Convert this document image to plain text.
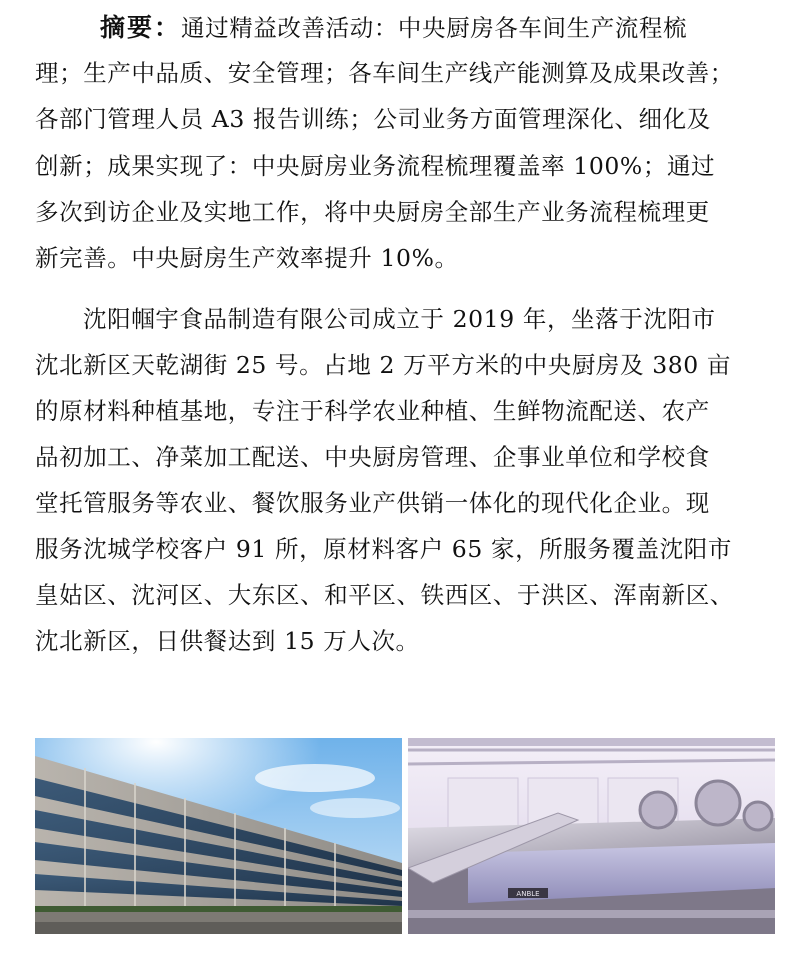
摘要：通过精益改善活动：中央厨房各车间生产流程梳
理；生产中品质、安全管理；各车间生产线产能测算及成果改善；
各部门管理人员 A3 报告训练；公司业务方面管理深化、细化及
创新；成果实现了：中央厨房业务流程梳理覆盖率 100%；通过
多次到访企业及实地工作，将中央厨房全部生产业务流程梳理更
新完善。中央厨房生产效率提升 10%。
沈阳帼宇食品制造有限公司成立于 2019 年，坐落于沈阳市
沈北新区天乾湖街 25 号。占地 2 万平方米的中央厨房及 380 亩
的原材料种植基地，专注于科学农业种植、生鲜物流配送、农产
品初加工、净菜加工配送、中央厨房管理、企事业单位和学校食
堂托管服务等农业、餐饮服务业产供销一体化的现代化企业。现
服务沈城学校客户 91 所，原材料客户 65 家，所服务覆盖沈阳市
皇姑区、沈河区、大东区、和平区、铁西区、于洪区、浑南新区、
沈北新区，日供餐达到 15 万人次。
ANBLE
